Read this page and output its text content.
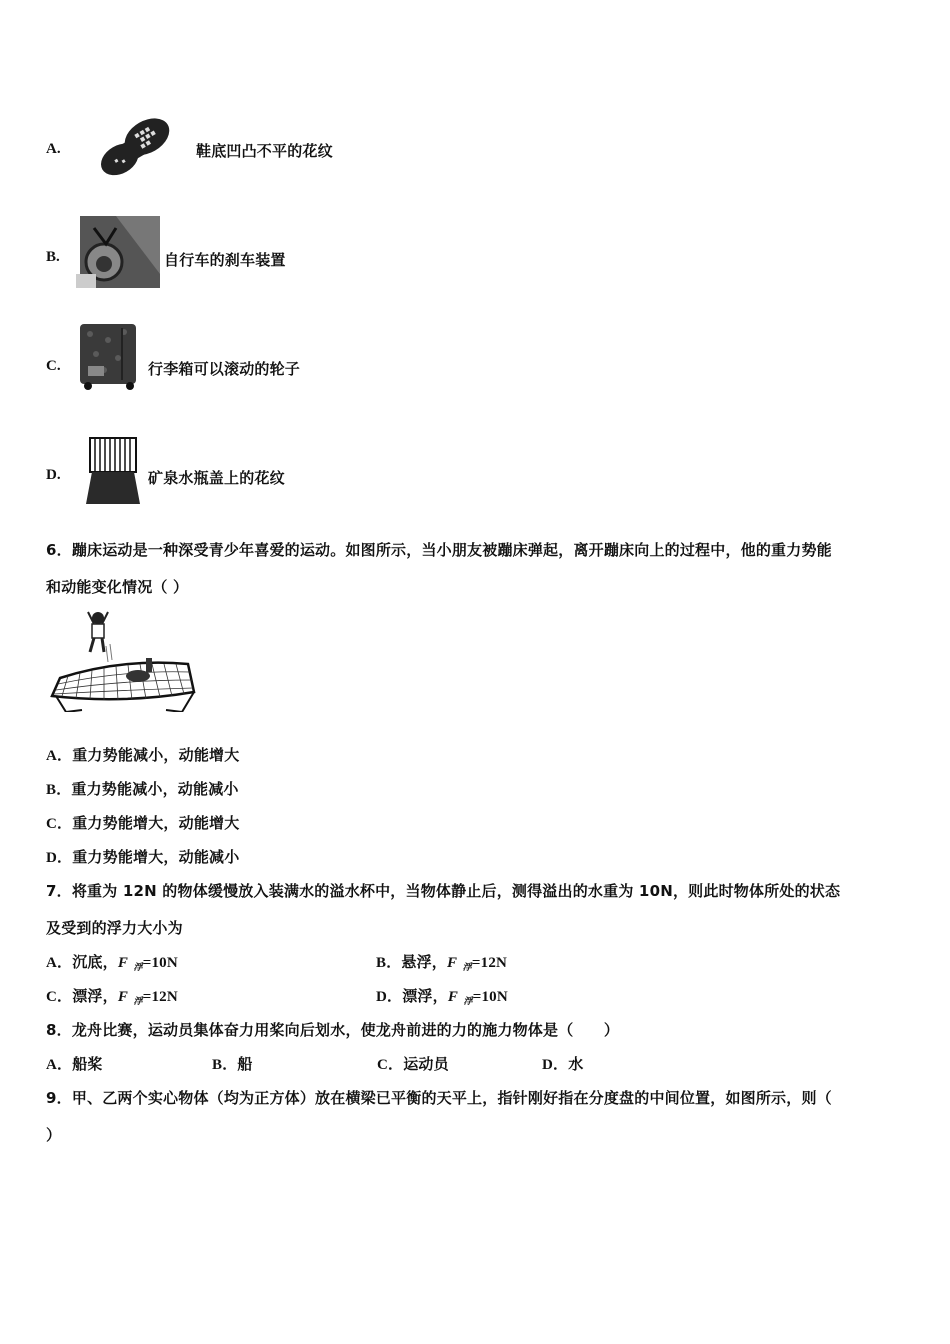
A.	鞋底凹凸不平的花纹
B.	自行车的刹车装置
C.	行李箱可以滚动的轮子
D.	矿泉水瓶盖上的花纹
6．蹦床运动是一种深受青少年喜爱的运动。如图所示，当小朋友被蹦床弹起，离开蹦床向上的过程中，他的重力势能
和动能变化情况（ ）
A．重力势能减小，动能增大
B．重力势能减小，动能减小
C．重力势能增大，动能增大
D．重力势能增大，动能减小
7．将重为 12N 的物体缓慢放入装满水的溢水杯中，当物体静止后，测得溢出的水重为 10N，则此时物体所处的状态
及受到的浮力大小为
A．沉底，F $_浮$=10N	B．悬浮，F $_浮$=12N
C．漂浮，F $_浮$=12N	D．漂浮，F $_浮$=10N
8．龙舟比赛，运动员集体奋力用桨向后划水，使龙舟前进的力的施力物体是（　　）
A．船桨	B．船	C．运动员	D．水
9．甲、乙两个实心物体（均为正方体）放在横梁已平衡的天平上，指针刚好指在分度盘的中间位置，如图所示，则（
）
